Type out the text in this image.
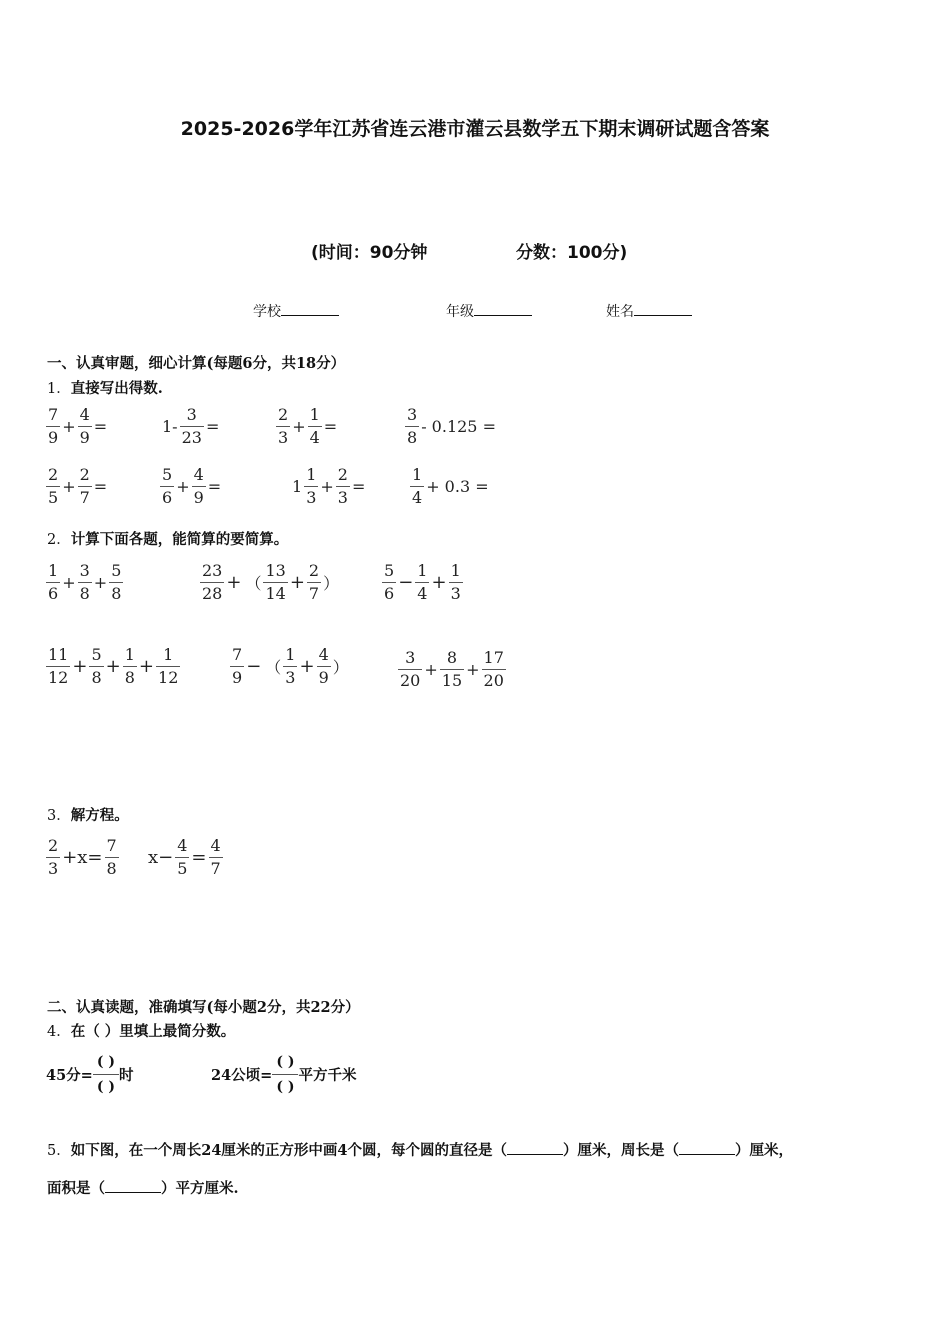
2025-2026学年江苏省连云港市灌云县数学五下期末调研试题含答案
(时间：90分钟	分数：100分)
学校	年级	姓名
一、认真审题，细心计算(每题6分，共18分）
1．直接写出得数.
$\frac{7}{9} + \frac{4}{9}$ =	$1- \frac{3}{23}$ =	$\frac{2}{3} + \frac{1}{4}$ =	$\frac{3}{8} - 0.125$ =
$\frac{2}{5} + \frac{2}{7}$ =	$\frac{5}{6} + \frac{4}{9}$ =	$1 \frac{1}{3} + \frac{2}{3}$ =	$\frac{1}{4} + 0.3$ =
2．计算下面各题，能简算的要简算。
$\frac{1}{6} + \frac{3}{8} + \frac{5}{8}$	$\frac{23}{28}$ + （ $\frac{13}{14} + \frac{2}{7}$ ）	$\frac{5}{6} - \frac{1}{4} + \frac{1}{3}$
$\frac{11}{12} + \frac{5}{8} + \frac{1}{8} + \frac{1}{12}$	$\frac{7}{9}$ − （ $\frac{1}{3} + \frac{4}{9}$ ）	$\frac{3}{20} + \frac{8}{15} + \frac{17}{20}$
3．解方程。
$\frac{2}{3} +x= \frac{7}{8} x- \frac{4}{5} = \frac{4}{7}$
二、认真读题，准确填写(每小题2分，共22分）
4．在（ ）里填上最简分数。
45分=
( )
( )
时	24公顷=
( )
( )
平方千米
5．如下图，在一个周长24厘米的正方形中画4个圆，每个圆的直径是（	）厘米，周长是（	）厘米，
面积是（	）平方厘米.
